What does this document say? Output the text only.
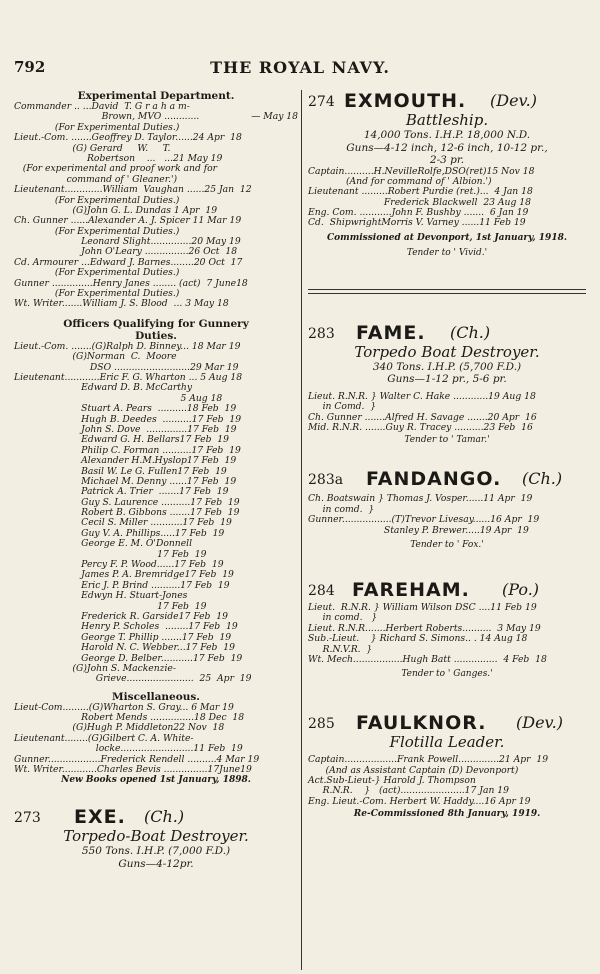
792	THE ROYAL NAVY.
Experimental Department.
Commander .. ...David  T. G r a h a m-
Brown, MVO ............	— May 18
(For Experimental Duties.)
Lieut.-Com. .......Geoffrey D. Taylor......24 Apr  18
(G) Gerard     W.     T.
Robertson    ...   ...21 May 19
(For experimental and proof work and for
command of ' Gleaner.')
Lieutenant.............William  Vaughan ......25 Jan  12
(For Experimental Duties.)
(G)John G. L. Dundas 1 Apr  19
Ch. Gunner ......Alexander A. J. Spicer 11 Mar 19
(For Experimental Duties.)
Leonard Slight..............20 May 19
John O'Leary ...............26 Oct  18
Cd. Armourer ...Edward J. Barnes........20 Oct  17
(For Experimental Duties.)
Gunner ..............Henry Janes ........ (act)  7 June18
(For Experimental Duties.)
Wt. Writer.......William J. S. Blood  ... 3 May 18
Officers Qualifying for Gunnery
Duties.
Lieut.-Com. .......(G)Ralph D. Binney... 18 Mar 19
(G)Norman  C.  Moore
DSO ..........................29 Mar 19
Lieutenant............Eric F. G. Wharton ... 5 Aug 18
Edward D. B. McCarthy
5 Aug 18
Stuart A. Pears  ..........18 Feb  19
Hugh B. Deedes  ..........17 Feb  19
John S. Dove  ..............17 Feb  19
Edward G. H. Bellars17 Feb  19
Philip C. Forman ..........17 Feb  19
Alexander H.M.Hyslop17 Feb  19
Basil W. Le G. Fullen17 Feb  19
Michael M. Denny ......17 Feb  19
Patrick A. Trier  .......17 Feb  19
Guy S. Laurence ..........17 Feb  19
Robert B. Gibbons .......17 Feb  19
Cecil S. Miller ...........17 Feb  19
Guy V. A. Phillips.....17 Feb  19
George E. M. O'Donnell
17 Feb  19
Percy F. P. Wood......17 Feb  19
James P. A. Bremridge17 Feb  19
Eric J. P. Brind ..........17 Feb  19
Edwyn H. Stuart-Jones
17 Feb  19
Frederick R. Garside17 Feb  19
Henry P. Scholes  ........17 Feb  19
George T. Phillip .......17 Feb  19
Harold N. C. Webber...17 Feb  19
George D. Belber...........17 Feb  19
(G)John S. Mackenzie-
Grieve.......................  25  Apr  19
Miscellaneous.
Lieut-Com.........(G)Wharton S. Gray... 6 Mar 19
Robert Mends ...............18 Dec  18
(G)Hugh P. Middleton22 Nov  18
Lieutenant........(G)Gilbert C. A. White-
locke.........................11 Feb  19
Gunner..................Frederick Rendell ..........4 Mar 19
Wt. Writer............Charles Bevis ...............17June19
New Books opened 1st January, 1898.
273 EXE. (Ch.)
Torpedo-Boat Destroyer.
550 Tons. I.H.P. (7,000 F.D.)
Guns—4-12pr.
274 EXMOUTH. (Dev.)
Battleship.
14,000 Tons. I.H.P. 18,000 N.D.
Guns—4-12 inch, 12-6 inch, 10-12 pr.,
2-3 pr.
Captain..........H.NevilleRolfe,DSO(ret)15 Nov 18
(And for command of ' Albion.')
Lieutenant .........Robert Purdie (ret.)...  4 Jan 18
Frederick Blackwell  23 Aug 18
Eng. Com. ...........John F. Bushby .......  6 Jan 19
Cd.  ShipwrightMorris V. Varney ......11 Feb 19
Commissioned at Devonport, 1st January, 1918.
Tender to ' Vivid.'
283 FAME. (Ch.)
Torpedo Boat Destroyer.
340 Tons. I.H.P. (5,700 F.D.)
Guns—1-12 pr., 5-6 pr.
Lieut. R.N.R. } Walter C. Hake ............19 Aug 18
in Comd.  }
Ch. Gunner .......Alfred H. Savage .......20 Apr  16
Mid. R.N.R. .......Guy R. Tracey ..........23 Feb  16
Tender to ' Tamar.'
283a FANDANGO. (Ch.)
Ch. Boatswain } Thomas J. Vosper......11 Apr  19
in comd.  }
Gunner.................(T)Trevor Livesay......16 Apr  19
Stanley P. Brewer.....19 Apr  19
Tender to ' Fox.'
284 FAREHAM. (Po.)
Lieut.  R.N.R. } William Wilson DSC ....11 Feb 19
in comd.   }
Lieut. R.N.R.......Herbert Roberts..........  3 May 19
Sub.-Lieut.    } Richard S. Simons.. . 14 Aug 18
R.N.V.R.  }
Wt. Mech.................Hugh Batt ...............  4 Feb  18
Tender to ' Ganges.'
285 FAULKNOR. (Dev.)
Flotilla Leader.
Captain..................Frank Powell..............21 Apr  19
(And as Assistant Captain (D) Devonport)
Act.Sub-Lieut-} Harold J. Thompson
R.N.R.    }   (act)......................17 Jan 19
Eng. Lieut.-Com. Herbert W. Haddy....16 Apr 19
Re-Commissioned 8th January, 1919.
